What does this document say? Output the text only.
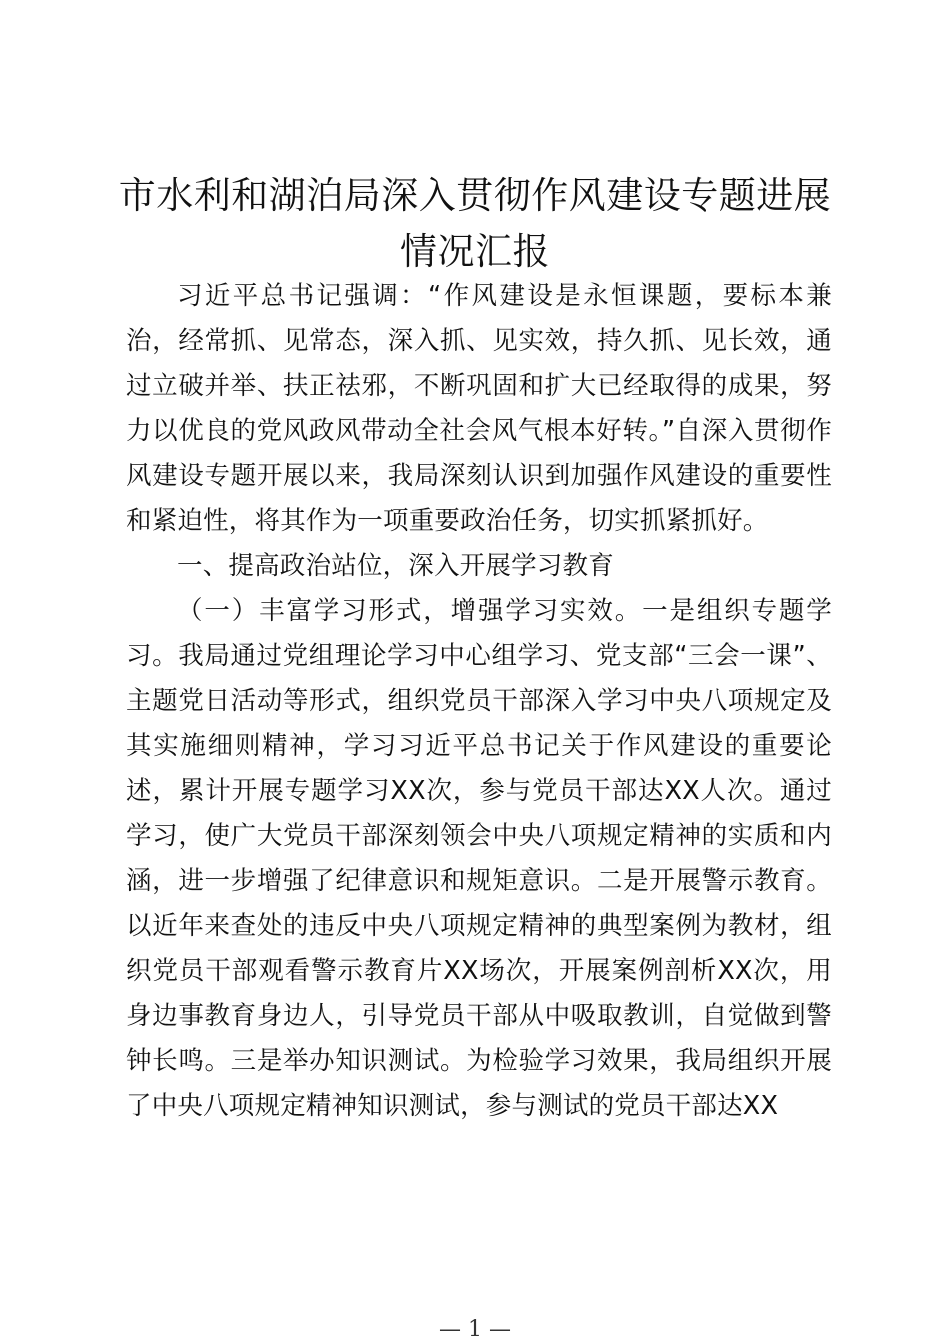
市水利和湖泊局深入贯彻作风建设专题进展情况汇报

习近平总书记强调：“作风建设是永恒课题，要标本兼治，经常抓、见常态，深入抓、见实效，持久抓、见长效，通过立破并举、扶正祛邪，不断巩固和扩大已经取得的成果，努力以优良的党风政风带动全社会风气根本好转。”自深入贯彻作风建设专题开展以来，我局深刻认识到加强作风建设的重要性和紧迫性，将其作为一项重要政治任务，切实抓紧抓好。

一、提高政治站位，深入开展学习教育

（一）丰富学习形式，增强学习实效。一是组织专题学习。我局通过党组理论学习中心组学习、党支部“三会一课”、主题党日活动等形式，组织党员干部深入学习中央八项规定及其实施细则精神，学习习近平总书记关于作风建设的重要论述，累计开展专题学习XX次，参与党员干部达XX人次。通过学习，使广大党员干部深刻领会中央八项规定精神的实质和内涵，进一步增强了纪律意识和规矩意识。二是开展警示教育。以近年来查处的违反中央八项规定精神的典型案例为教材，组织党员干部观看警示教育片XX场次，开展案例剖析XX次，用身边事教育身边人，引导党员干部从中吸取教训，自觉做到警钟长鸣。三是举办知识测试。为检验学习效果，我局组织开展了中央八项规定精神知识测试，参与测试的党员干部达XX

— 1 —
